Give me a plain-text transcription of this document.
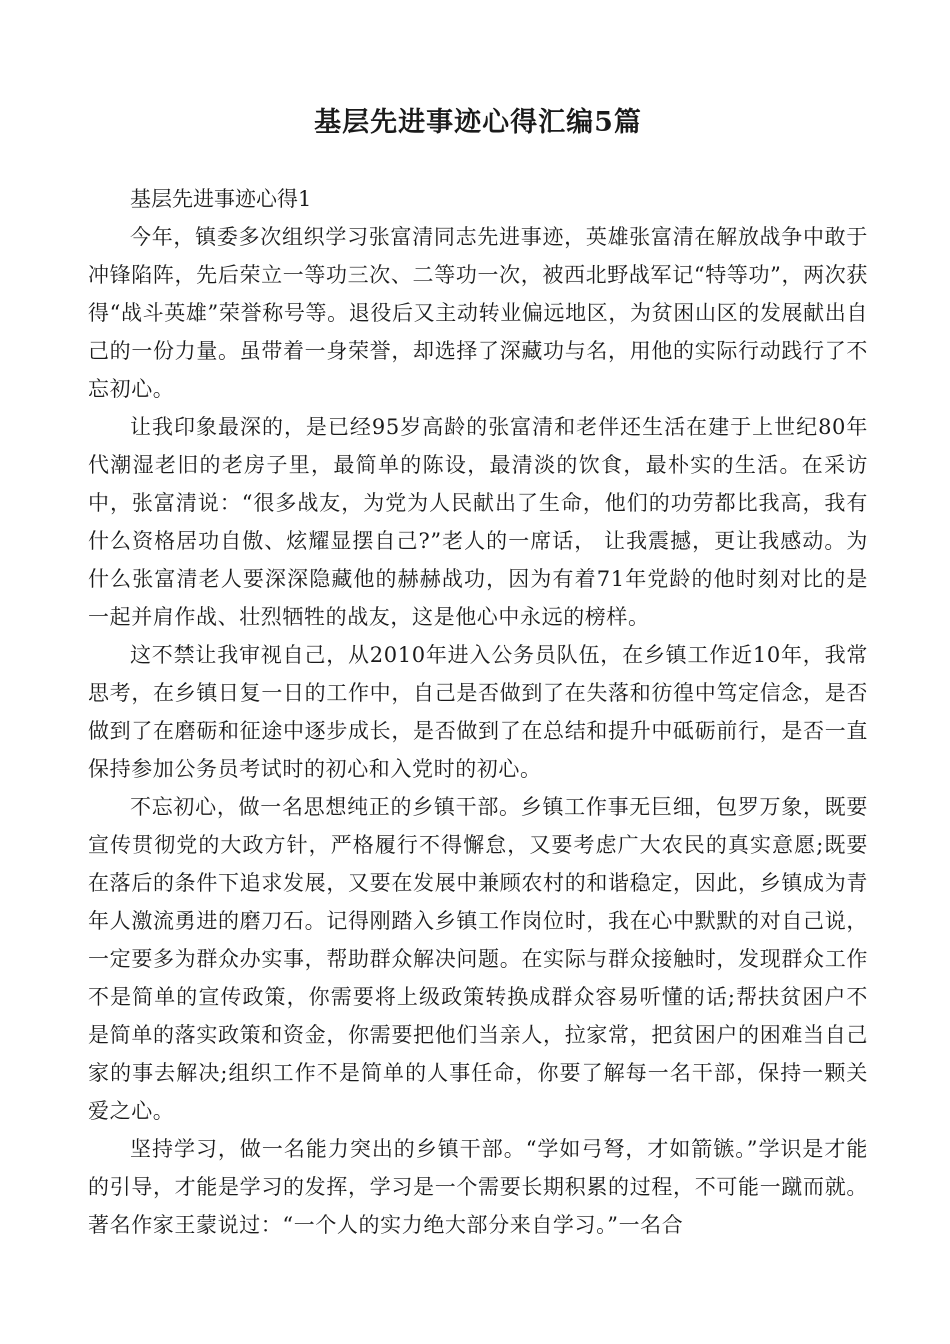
基层先进事迹心得汇编5篇

基层先进事迹心得1

今年，镇委多次组织学习张富清同志先进事迹，英雄张富清在解放战争中敢于冲锋陷阵，先后荣立一等功三次、二等功一次，被西北野战军记“特等功”，两次获得“战斗英雄”荣誉称号等。退役后又主动转业偏远地区，为贫困山区的发展献出自己的一份力量。虽带着一身荣誉，却选择了深藏功与名，用他的实际行动践行了不忘初心。

让我印象最深的，是已经95岁高龄的张富清和老伴还生活在建于上世纪80年代潮湿老旧的老房子里，最简单的陈设，最清淡的饮食，最朴实的生活。在采访中，张富清说：“很多战友，为党为人民献出了生命，他们的功劳都比我高，我有什么资格居功自傲、炫耀显摆自己?”老人的一席话， 让我震撼，更让我感动。为什么张富清老人要深深隐藏他的赫赫战功，因为有着71年党龄的他时刻对比的是一起并肩作战、壮烈牺牲的战友，这是他心中永远的榜样。

这不禁让我审视自己，从2010年进入公务员队伍，在乡镇工作近10年，我常思考，在乡镇日复一日的工作中，自己是否做到了在失落和彷徨中笃定信念，是否做到了在磨砺和征途中逐步成长，是否做到了在总结和提升中砥砺前行，是否一直保持参加公务员考试时的初心和入党时的初心。

不忘初心，做一名思想纯正的乡镇干部。乡镇工作事无巨细，包罗万象，既要宣传贯彻党的大政方针，严格履行不得懈怠，又要考虑广大农民的真实意愿;既要在落后的条件下追求发展，又要在发展中兼顾农村的和谐稳定，因此，乡镇成为青年人激流勇进的磨刀石。记得刚踏入乡镇工作岗位时，我在心中默默的对自己说，一定要多为群众办实事，帮助群众解决问题。在实际与群众接触时，发现群众工作不是简单的宣传政策，你需要将上级政策转换成群众容易听懂的话;帮扶贫困户不是简单的落实政策和资金，你需要把他们当亲人，拉家常，把贫困户的困难当自己家的事去解决;组织工作不是简单的人事任命，你要了解每一名干部，保持一颗关爱之心。

坚持学习，做一名能力突出的乡镇干部。“学如弓弩，才如箭镞。”学识是才能的引导，才能是学习的发挥，学习是一个需要长期积累的过程，不可能一蹴而就。著名作家王蒙说过：“一个人的实力绝大部分来自学习。”一名合
